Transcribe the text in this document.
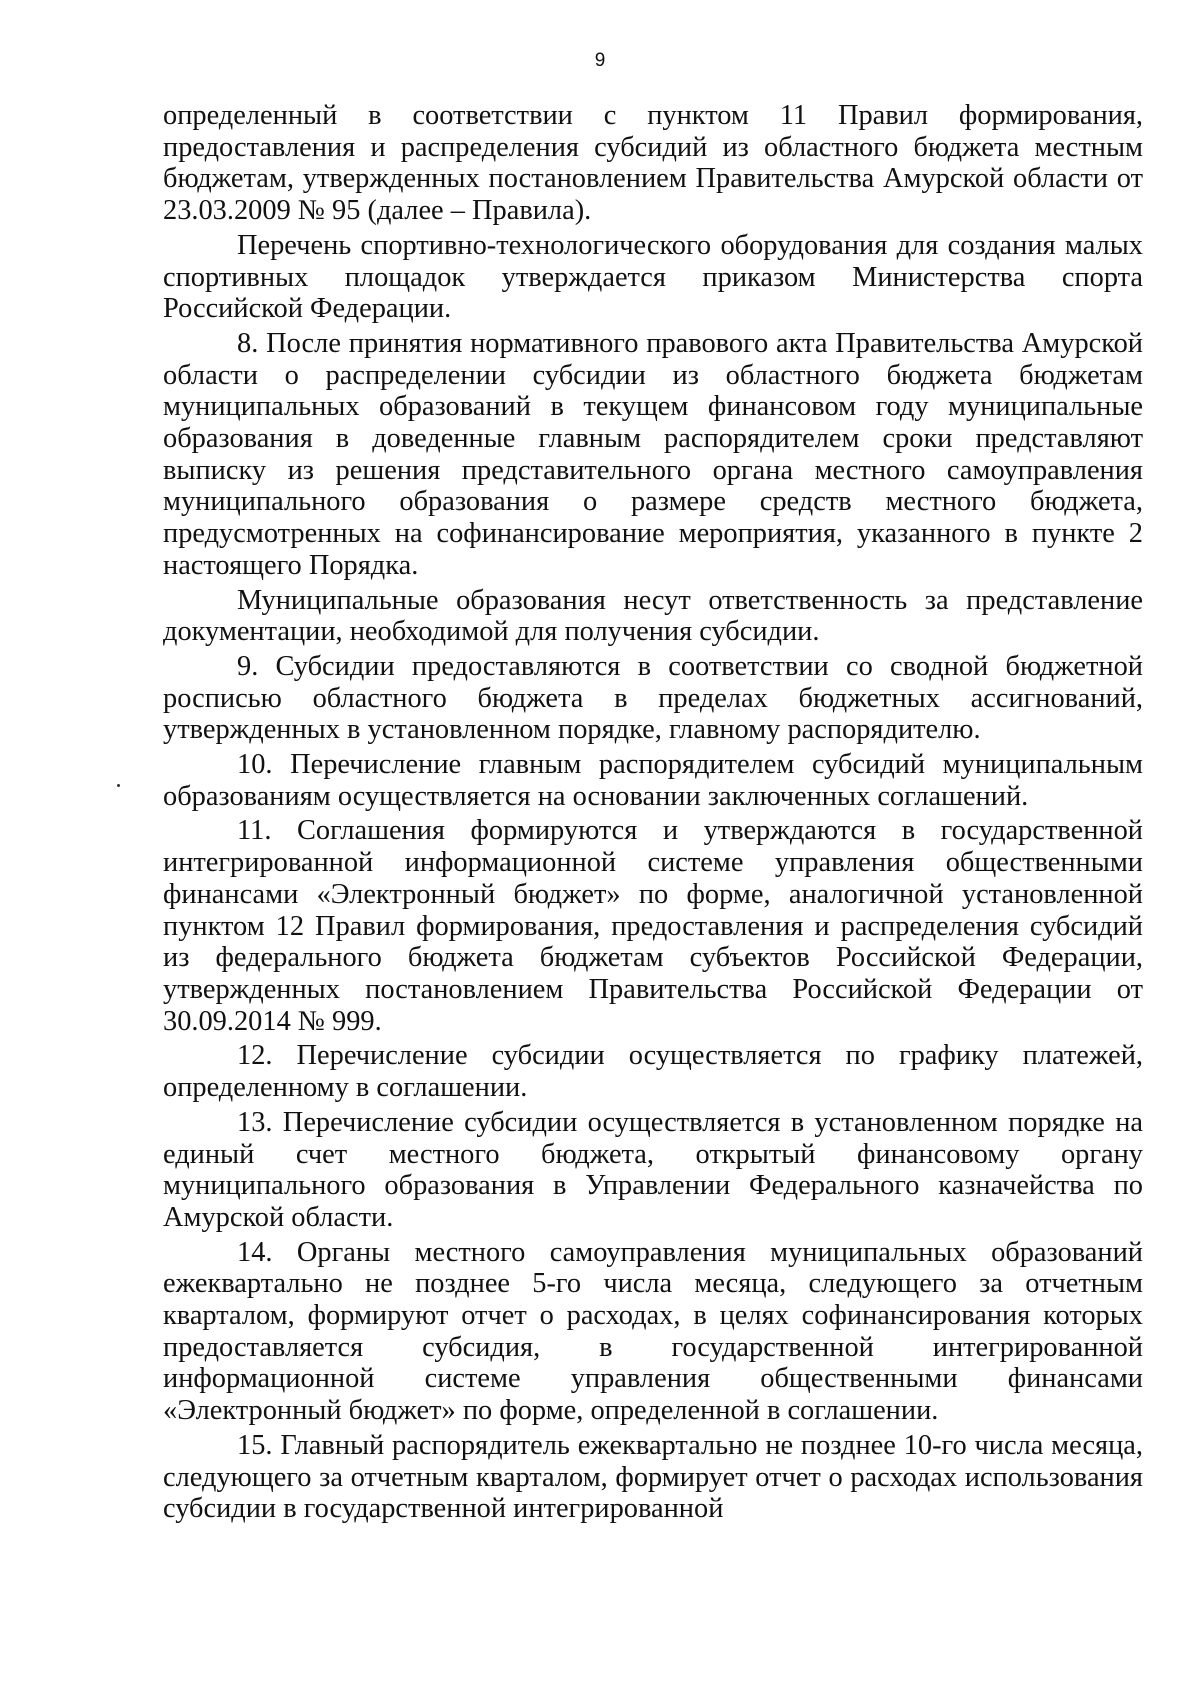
9

определенный в соответствии с пунктом 11 Правил формирования, предоставления и распределения субсидий из областного бюджета местным бюджетам, утвержденных постановлением Правительства Амурской области от 23.03.2009 № 95 (далее – Правила).

Перечень спортивно-технологического оборудования для создания малых спортивных площадок утверждается приказом Министерства спорта Российской Федерации.

8. После принятия нормативного правового акта Правительства Амурской области о распределении субсидии из областного бюджета бюджетам муниципальных образований в текущем финансовом году муниципальные образования в доведенные главным распорядителем сроки представляют выписку из решения представительного органа местного самоуправления муниципального образования о размере средств местного бюджета, предусмотренных на софинансирование мероприятия, указанного в пункте 2 настоящего Порядка.

Муниципальные образования несут ответственность за представление документации, необходимой для получения субсидии.

9. Субсидии предоставляются в соответствии со сводной бюджетной росписью областного бюджета в пределах бюджетных ассигнований, утвержденных в установленном порядке, главному распорядителю.

10. Перечисление главным распорядителем субсидий муниципальным образованиям осуществляется на основании заключенных соглашений.

11. Соглашения формируются и утверждаются в государственной интегрированной информационной системе управления общественными финансами «Электронный бюджет» по форме, аналогичной установленной пунктом 12 Правил формирования, предоставления и распределения субсидий из федерального бюджета бюджетам субъектов Российской Федерации, утвержденных постановлением Правительства Российской Федерации от 30.09.2014 № 999.

12. Перечисление субсидии осуществляется по графику платежей, определенному в соглашении.

13. Перечисление субсидии осуществляется в установленном порядке на единый счет местного бюджета, открытый финансовому органу муниципального образования в Управлении Федерального казначейства по Амурской области.

14. Органы местного самоуправления муниципальных образований ежеквартально не позднее 5-го числа месяца, следующего за отчетным кварталом, формируют отчет о расходах, в целях софинансирования которых предоставляется субсидия, в государственной интегрированной информационной системе управления общественными финансами «Электронный бюджет» по форме, определенной в соглашении.

15. Главный распорядитель ежеквартально не позднее 10-го числа месяца, следующего за отчетным кварталом, формирует отчет о расходах использования субсидии в государственной интегрированной
